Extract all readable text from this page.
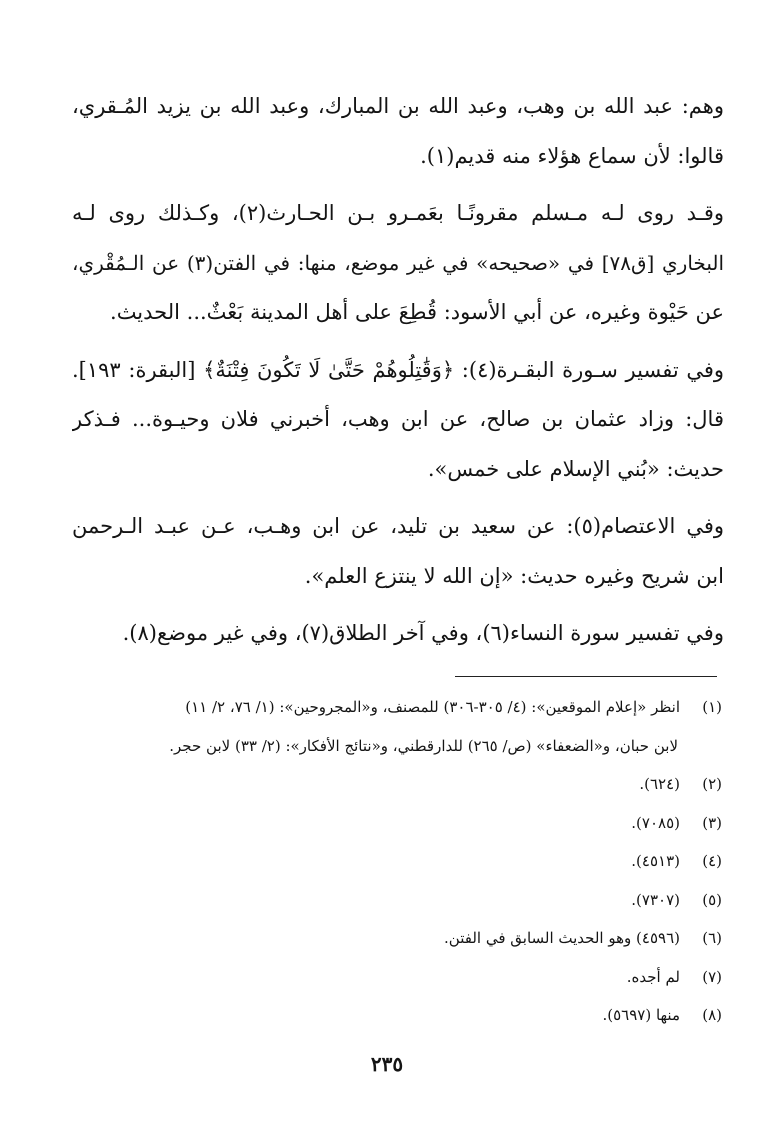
وهم: عبد الله بن وهب، وعبد الله بن المبارك، وعبد الله بن يزيد المُـقري،
قالوا: لأن سماع هؤلاء منه قديم(١).

وقـد روى لـه مـسلم مقرونًـا بعَمـرو بـن الحـارث(٢)، وكـذلك روى لـه
البخاري [ق٧٨] في «صحيحه» في غير موضع، منها: في الفتن(٣) عن الـمُقْري،
عن حَيْوة وغيره، عن أبي الأسود: قُطِعَ على أهل المدينة بَعْثٌ... الحديث.

وفي تفسير سـورة البقـرة(٤): ﴿وَقَٰتِلُوهُمْ حَتَّىٰ لَا تَكُونَ فِتْنَةٌ﴾ [البقرة: ١٩٣].
قال: وزاد عثمان بن صالح، عن ابن وهب، أخبرني فلان وحيـوة... فـذكر
حديث: «بُني الإسلام على خمس».

وفي الاعتصام(٥): عن سعيد بن تليد، عن ابن وهـب، عـن عبـد الـرحمن
ابن شريح وغيره حديث: «إن الله لا ينتزع العلم».

وفي تفسير سورة النساء(٦)، وفي آخر الطلاق(٧)، وفي غير موضع(٨).

(١)انظر «إعلام الموقعين»: (٤/ ٣٠٥-٣٠٦) للمصنف، و«المجروحين»: (١/ ٧٦، ٢/ ١١)
لابن حبان، و«الضعفاء» (ص/ ٢٦٥) للدارقطني، و«نتائج الأفكار»: (٢/ ٣٣) لابن حجر.
(٢)(٦٢٤).
(٣)(٧٠٨٥).
(٤)(٤٥١٣).
(٥)(٧٣٠٧).
(٦)(٤٥٩٦) وهو الحديث السابق في الفتن.
(٧)لم أجده.
(٨)منها (٥٦٩٧).
٢٣٥
